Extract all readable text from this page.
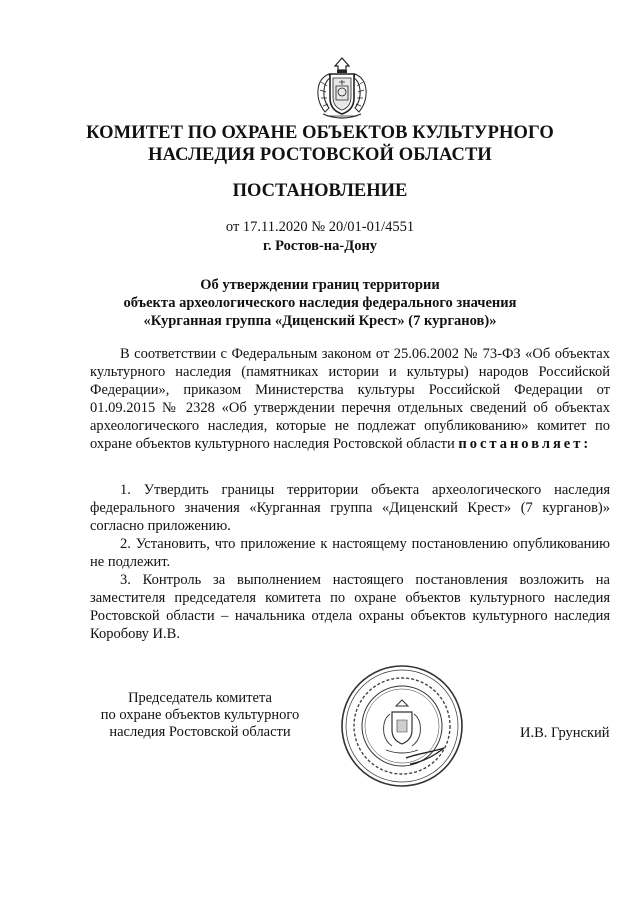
КОМИТЕТ ПО ОХРАНЕ ОБЪЕКТОВ КУЛЬТУРНОГО
НАСЛЕДИЯ РОСТОВСКОЙ ОБЛАСТИ
ПОСТАНОВЛЕНИЕ
от 17.11.2020 № 20/01-01/4551
г. Ростов-на-Дону
Об утверждении границ территории
объекта археологического наследия федерального значения
«Курганная группа «Диценский Крест» (7 курганов)»
В соответствии с Федеральным законом от 25.06.2002 № 73-ФЗ «Об объектах культурного наследия (памятниках истории и культуры) народов Российской Федерации», приказом Министерства культуры Российской Федерации от 01.09.2015 № 2328 «Об утверждении перечня отдельных сведений об объектах археологического наследия, которые не подлежат опубликованию» комитет по охране объектов культурного наследия Ростовской области постановляет:

1. Утвердить границы территории объекта археологического наследия федерального значения «Курганная группа «Диценский Крест» (7 курганов)» согласно приложению.

2. Установить, что приложение к настоящему постановлению опубликованию не подлежит.

3. Контроль за выполнением настоящего постановления возложить на заместителя председателя комитета по охране объектов культурного наследия Ростовской области – начальника отдела охраны объектов культурного наследия Коробову И.В.

Председатель комитета
по охране объектов культурного
наследия Ростовской области	И.В. Грунский
